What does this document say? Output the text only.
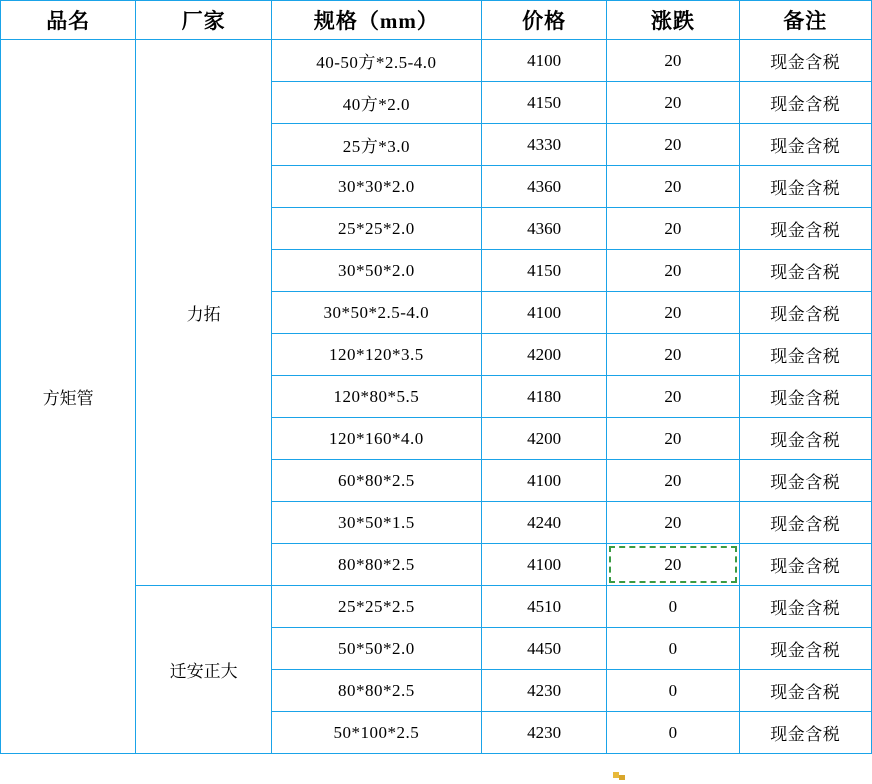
品名	厂家	规格（mm）	价格	涨跌	备注
方矩管	力拓	40-50方*2.5-4.0	4100	20	现金含税
		40方*2.0	4150	20	现金含税
		25方*3.0	4330	20	现金含税
		30*30*2.0	4360	20	现金含税
		25*25*2.0	4360	20	现金含税
		30*50*2.0	4150	20	现金含税
		30*50*2.5-4.0	4100	20	现金含税
		120*120*3.5	4200	20	现金含税
		120*80*5.5	4180	20	现金含税
		120*160*4.0	4200	20	现金含税
		60*80*2.5	4100	20	现金含税
		30*50*1.5	4240	20	现金含税
		80*80*2.5	4100	20	现金含税
	迁安正大	25*25*2.5	4510	0	现金含税
		50*50*2.0	4450	0	现金含税
		80*80*2.5	4230	0	现金含税
		50*100*2.5	4230	0	现金含税
